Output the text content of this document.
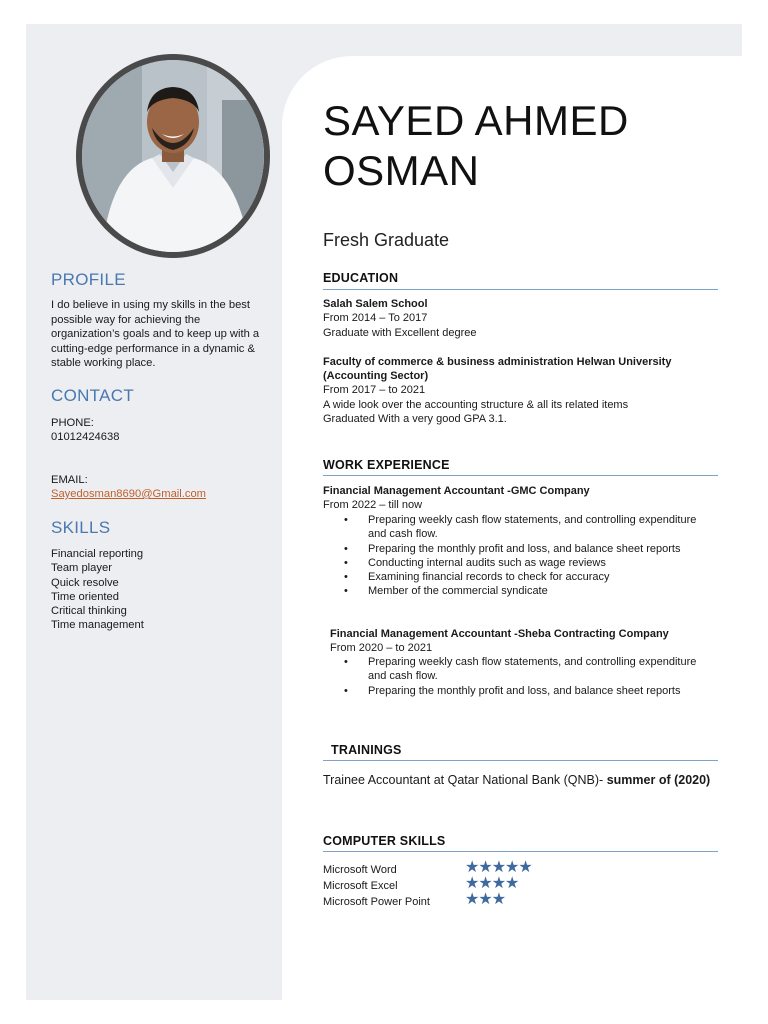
PROFILE
I do believe in using my skills in the best possible way for achieving the organization’s goals and to keep up with a cutting-edge performance in a dynamic & stable working place.
CONTACT
PHONE:
01012424638
EMAIL:
Sayedosman8690@Gmail.com
SKILLS
Financial reporting
Team player
Quick resolve
Time oriented
Critical thinking
Time management
SAYED AHMED
OSMAN
Fresh Graduate
EDUCATION
Salah Salem School
From 2014 – To 2017
Graduate with Excellent degree
Faculty of commerce & business administration Helwan University (Accounting Sector)
From 2017 – to 2021
A wide look over the accounting structure & all its related items
Graduated With a very good GPA 3.1.
WORK EXPERIENCE
Financial Management Accountant -GMC Company
From 2022 – till now
• Preparing weekly cash flow statements, and controlling expenditure and cash flow.
• Preparing the monthly profit and loss, and balance sheet reports
• Conducting internal audits such as wage reviews
• Examining financial records to check for accuracy
• Member of the commercial syndicate
Financial Management Accountant -Sheba Contracting Company
From 2020 – to 2021
• Preparing weekly cash flow statements, and controlling expenditure and cash flow.
• Preparing the monthly profit and loss, and balance sheet reports
TRAININGS
Trainee Accountant at Qatar National Bank (QNB)- summer of (2020)
COMPUTER SKILLS
Microsoft Word	★★★★★
Microsoft Excel	★★★★
Microsoft Power Point ★★★
